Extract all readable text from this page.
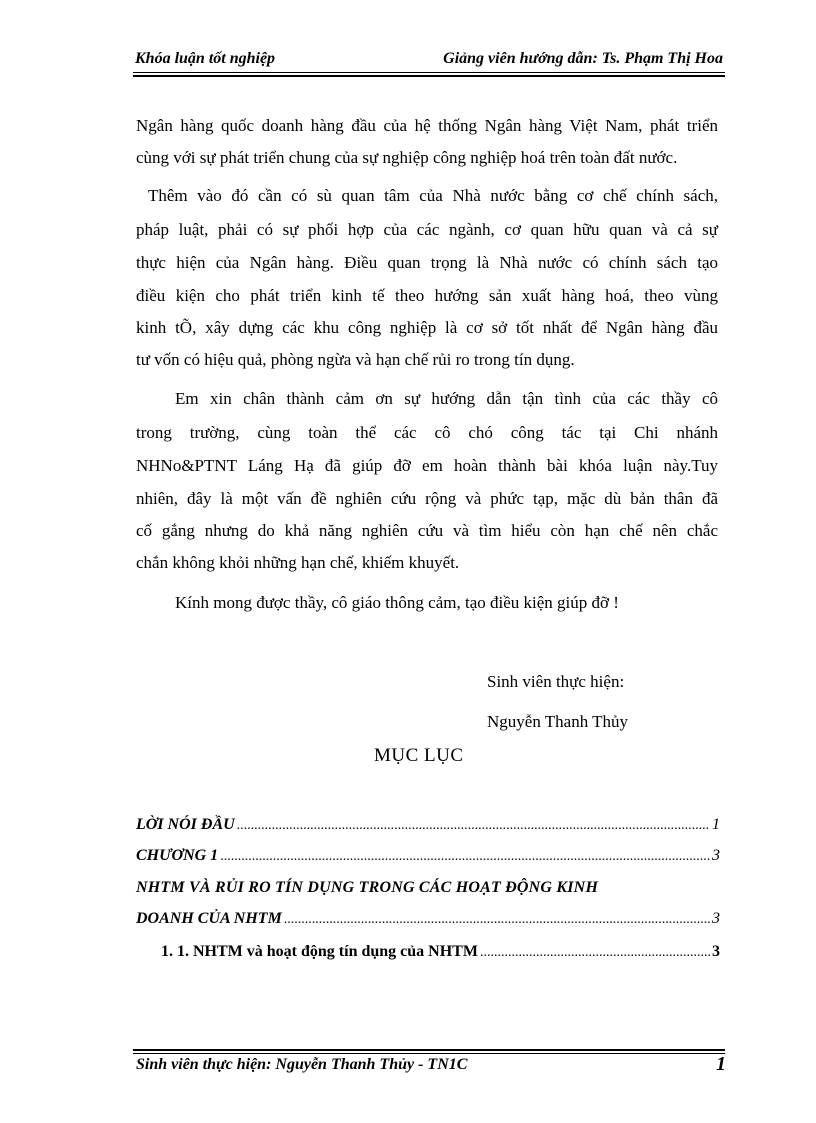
Khóa luận tốt nghiệp	Giảng viên hướng dẫn: Ts. Phạm Thị Hoa
Ngân hàng quốc doanh hàng đầu của hệ thống Ngân hàng Việt Nam, phát triển
cùng với sự phát triển chung của sự nghiệp công nghiệp hoá trên toàn đất nước.
Thêm vào đó cần có sù quan tâm của Nhà nước bằng cơ chế chính sách,
pháp luật, phải có sự phối hợp của các ngành, cơ quan hữu quan và cả sự
thực hiện của Ngân hàng. Điều quan trọng là Nhà nước có chính sách tạo
điều kiện cho phát triển kinh tế theo hướng sản xuất hàng hoá, theo vùng
kinh tÕ, xây dựng các khu công nghiệp là cơ sở tốt nhất để Ngân hàng đầu
tư vốn có hiệu quả, phòng ngừa và hạn chế rủi ro trong tín dụng.
Em xin chân thành cảm ơn sự hướng dẫn tận tình của các thầy cô
trong trường, cùng toàn thể các cô chó công tác tại Chi nhánh
NHNo&PTNT Láng Hạ đã giúp đỡ em hoàn thành bài khóa luận này.Tuy
nhiên, đây là một vấn đề nghiên cứu rộng và phức tạp, mặc dù bản thân đã
cố gắng nhưng do khả năng nghiên cứu và tìm hiểu còn hạn chế nên chắc
chắn không khỏi những hạn chế, khiếm khuyết.
Kính mong được thầy, cô giáo thông cảm, tạo điều kiện giúp đỡ !
Sinh viên thực hiện:
Nguyễn Thanh Thủy
MỤC LỤC
LỜI NÓI ĐẦU .....	1
CHƯƠNG 1 .....	3
NHTM VÀ RỦI RO TÍN DỤNG TRONG CÁC HOẠT ĐỘNG KINH
DOANH CỦA NHTM .....	3
1. 1. NHTM và hoạt động tín dụng của NHTM .....	3
Sinh viên thực hiện: Nguyễn Thanh Thủy - TN1C	1
